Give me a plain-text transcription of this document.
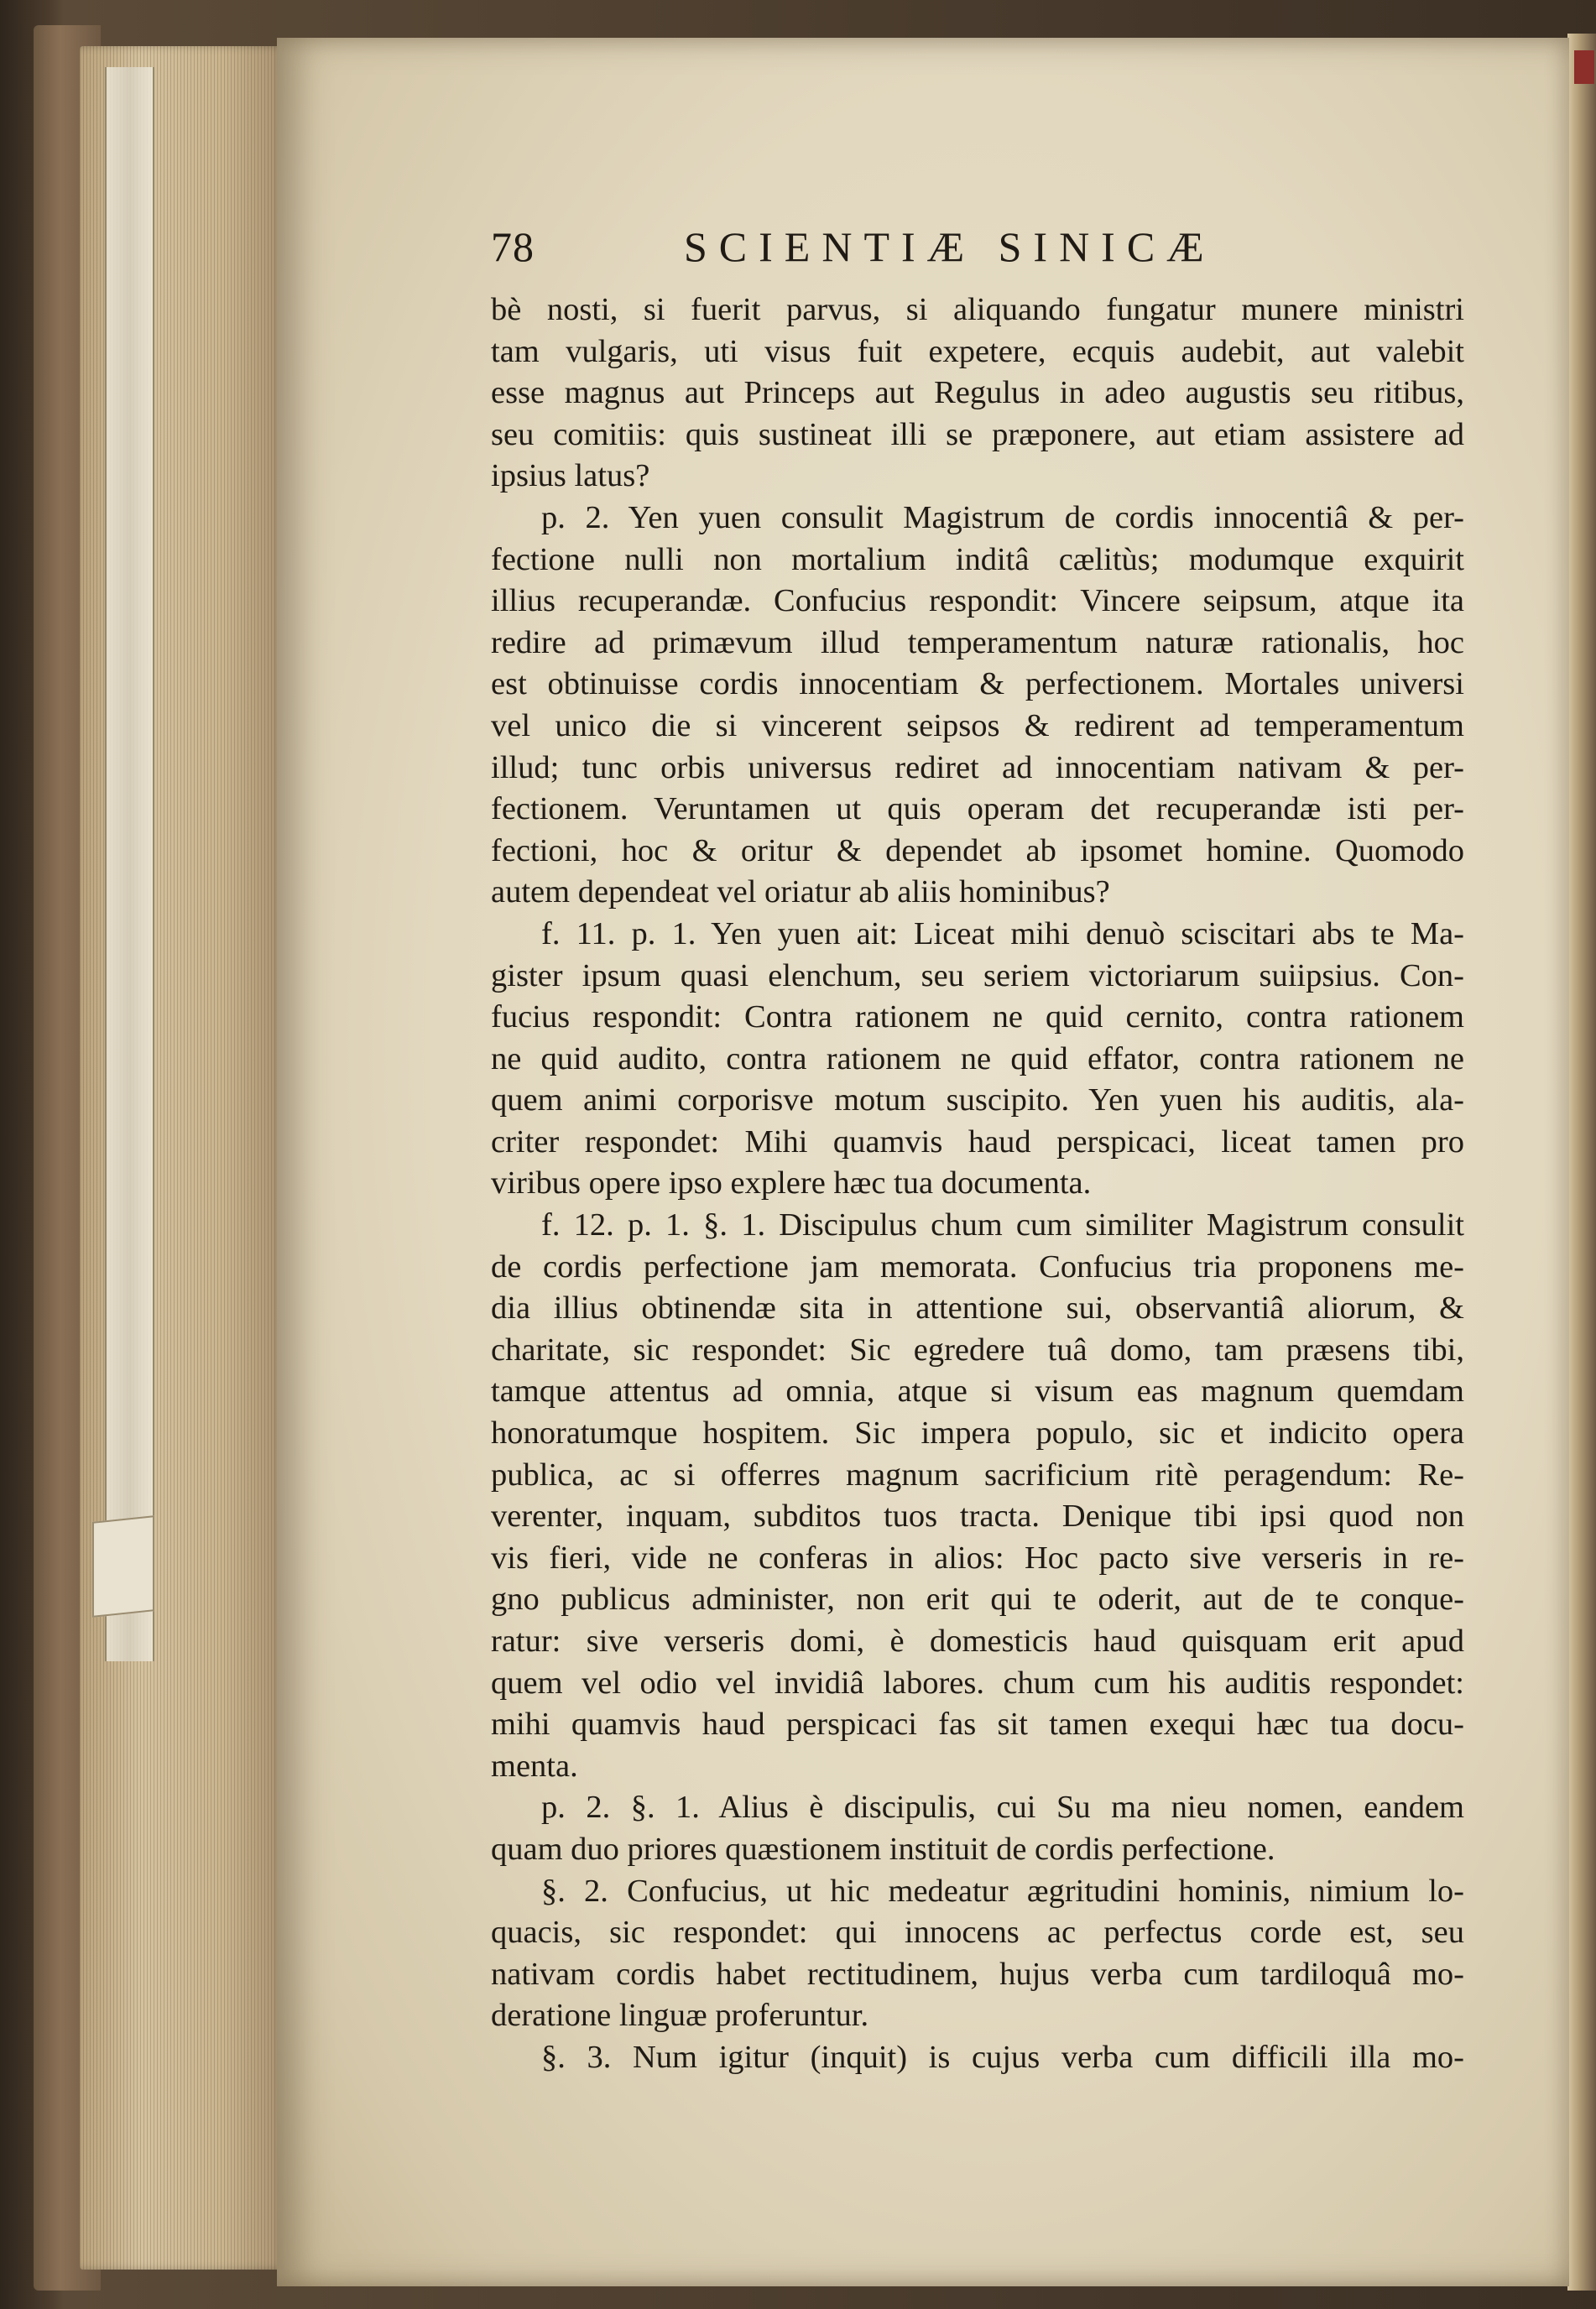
78	SCIENTIÆ SINICÆ
bè nosti, si fuerit parvus, si aliquando fungatur munere ministri
tam vulgaris, uti visus fuit expetere, ecquis audebit, aut valebit
esse magnus aut Princeps aut Regulus in adeo augustis seu ritibus,
seu comitiis: quis sustineat illi se præponere, aut etiam assistere ad
ipsius latus?
p. 2. Yen yuen consulit Magistrum de cordis innocentiâ & per-
fectione nulli non mortalium inditâ cælitùs; modumque exquirit
illius recuperandæ. Confucius respondit: Vincere seipsum, atque ita
redire ad primævum illud temperamentum naturæ rationalis, hoc
est obtinuisse cordis innocentiam & perfectionem. Mortales universi
vel unico die si vincerent seipsos & redirent ad temperamentum
illud; tunc orbis universus rediret ad innocentiam nativam & per-
fectionem. Veruntamen ut quis operam det recuperandæ isti per-
fectioni, hoc & oritur & dependet ab ipsomet homine. Quomodo
autem dependeat vel oriatur ab aliis hominibus?
f. 11. p. 1. Yen yuen ait: Liceat mihi denuò sciscitari abs te Ma-
gister ipsum quasi elenchum, seu seriem victoriarum suiipsius. Con-
fucius respondit: Contra rationem ne quid cernito, contra rationem
ne quid audito, contra rationem ne quid effator, contra rationem ne
quem animi corporisve motum suscipito. Yen yuen his auditis, ala-
criter respondet: Mihi quamvis haud perspicaci, liceat tamen pro
viribus opere ipso explere hæc tua documenta.
f. 12. p. 1. §. 1. Discipulus chum cum similiter Magistrum consulit
de cordis perfectione jam memorata. Confucius tria proponens me-
dia illius obtinendæ sita in attentione sui, observantiâ aliorum, &
charitate, sic respondet: Sic egredere tuâ domo, tam præsens tibi,
tamque attentus ad omnia, atque si visum eas magnum quemdam
honoratumque hospitem. Sic impera populo, sic et indicito opera
publica, ac si offerres magnum sacrificium ritè peragendum: Re-
verenter, inquam, subditos tuos tracta. Denique tibi ipsi quod non
vis fieri, vide ne conferas in alios: Hoc pacto sive verseris in re-
gno publicus administer, non erit qui te oderit, aut de te conque-
ratur: sive verseris domi, è domesticis haud quisquam erit apud
quem vel odio vel invidiâ labores. chum cum his auditis respondet:
mihi quamvis haud perspicaci fas sit tamen exequi hæc tua docu-
menta.
p. 2. §. 1. Alius è discipulis, cui Su ma nieu nomen, eandem
quam duo priores quæstionem instituit de cordis perfectione.
§. 2. Confucius, ut hic medeatur ægritudini hominis, nimium lo-
quacis, sic respondet: qui innocens ac perfectus corde est, seu
nativam cordis habet rectitudinem, hujus verba cum tardiloquâ mo-
deratione linguæ proferuntur.
§. 3. Num igitur (inquit) is cujus verba cum difficili illa mo-
